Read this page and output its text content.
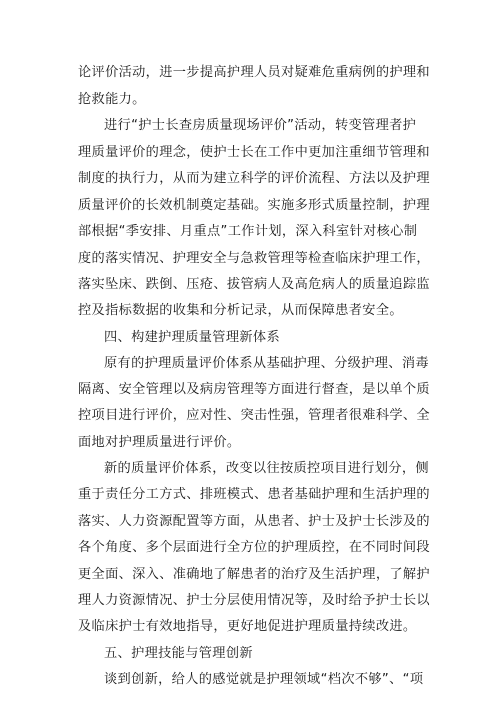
论评价活动，进一步提高护理人员对疑难危重病例的护理和
抢救能力。
进行“护士长查房质量现场评价”活动，转变管理者护
理质量评价的理念，使护士长在工作中更加注重细节管理和
制度的执行力，从而为建立科学的评价流程、方法以及护理
质量评价的长效机制奠定基础。实施多形式质量控制，护理
部根据“季安排、月重点”工作计划，深入科室针对核心制
度的落实情况、护理安全与急救管理等检查临床护理工作，
落实坠床、跌倒、压疮、拔管病人及高危病人的质量追踪监
控及指标数据的收集和分析记录，从而保障患者安全。
四、构建护理质量管理新体系
原有的护理质量评价体系从基础护理、分级护理、消毒
隔离、安全管理以及病房管理等方面进行督查，是以单个质
控项目进行评价，应对性、突击性强，管理者很难科学、全
面地对护理质量进行评价。
新的质量评价体系，改变以往按质控项目进行划分，侧
重于责任分工方式、排班模式、患者基础护理和生活护理的
落实、人力资源配置等方面，从患者、护士及护士长涉及的
各个角度、多个层面进行全方位的护理质控，在不同时间段
更全面、深入、准确地了解患者的治疗及生活护理，了解护
理人力资源情况、护士分层使用情况等，及时给予护士长以
及临床护士有效地指导，更好地促进护理质量持续改进。
五、护理技能与管理创新
谈到创新，给人的感觉就是护理领域“档次不够”、“项
